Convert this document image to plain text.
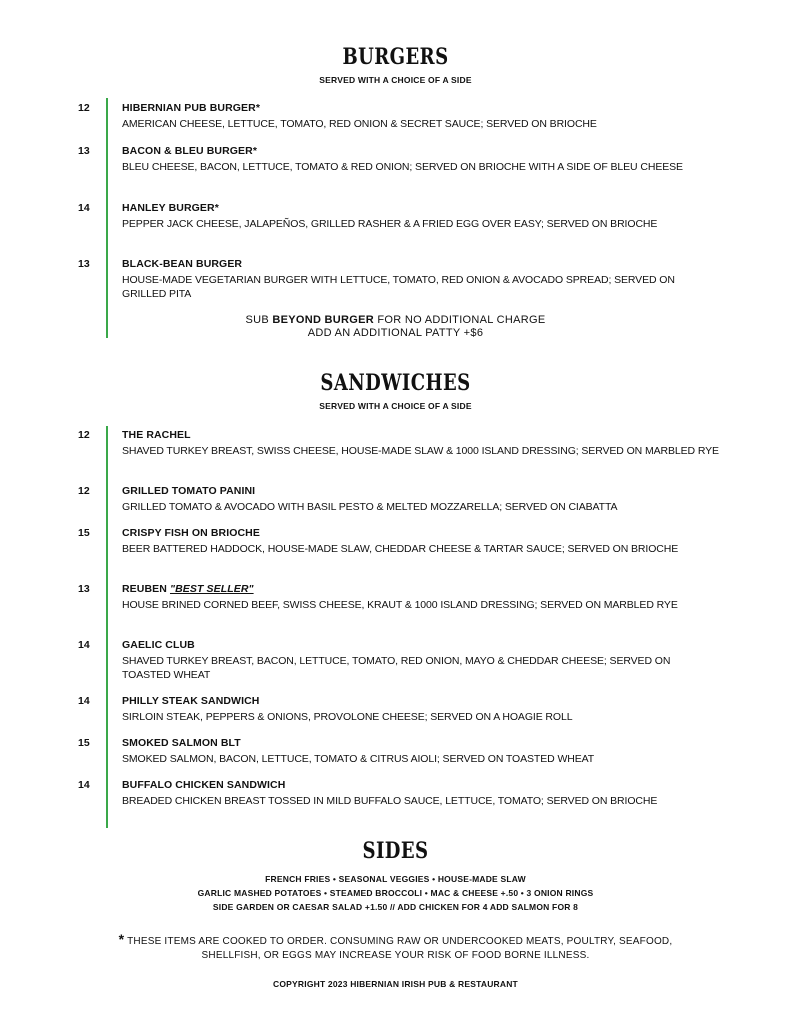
BURGERS
SERVED WITH A CHOICE OF A SIDE
12	HIBERNIAN PUB BURGER*
AMERICAN CHEESE, LETTUCE, TOMATO, RED ONION & SECRET SAUCE; SERVED ON BRIOCHE
13	BACON & BLEU BURGER*
BLEU CHEESE, BACON, LETTUCE, TOMATO & RED ONION; SERVED ON BRIOCHE WITH A SIDE OF BLEU CHEESE
14	HANLEY BURGER*
PEPPER JACK CHEESE, JALAPEÑOS, GRILLED RASHER & A FRIED EGG OVER EASY; SERVED ON BRIOCHE
13	BLACK-BEAN BURGER
HOUSE-MADE VEGETARIAN BURGER WITH LETTUCE, TOMATO, RED ONION & AVOCADO SPREAD; SERVED ON GRILLED PITA
SUB BEYOND BURGER FOR NO ADDITIONAL CHARGE
ADD AN ADDITIONAL PATTY +$6
SANDWICHES
SERVED WITH A CHOICE OF A SIDE
12	THE RACHEL
SHAVED TURKEY BREAST, SWISS CHEESE, HOUSE-MADE SLAW & 1000 ISLAND DRESSING; SERVED ON MARBLED RYE
12	GRILLED TOMATO PANINI
GRILLED TOMATO & AVOCADO WITH BASIL PESTO & MELTED MOZZARELLA; SERVED ON CIABATTA
15	CRISPY FISH ON BRIOCHE
BEER BATTERED HADDOCK, HOUSE-MADE SLAW, CHEDDAR CHEESE & TARTAR SAUCE; SERVED ON BRIOCHE
13	REUBEN "BEST SELLER"
HOUSE BRINED CORNED BEEF, SWISS CHEESE, KRAUT & 1000 ISLAND DRESSING; SERVED ON MARBLED RYE
14	GAELIC CLUB
SHAVED TURKEY BREAST, BACON, LETTUCE, TOMATO, RED ONION, MAYO & CHEDDAR CHEESE; SERVED ON TOASTED WHEAT
14	PHILLY STEAK SANDWICH
SIRLOIN STEAK, PEPPERS & ONIONS, PROVOLONE CHEESE; SERVED ON A HOAGIE ROLL
15	SMOKED SALMON BLT
SMOKED SALMON, BACON, LETTUCE, TOMATO & CITRUS AIOLI; SERVED ON TOASTED WHEAT
14	BUFFALO CHICKEN SANDWICH
BREADED CHICKEN BREAST TOSSED IN MILD BUFFALO SAUCE, LETTUCE, TOMATO; SERVED ON BRIOCHE
SIDES
FRENCH FRIES • SEASONAL VEGGIES • HOUSE-MADE SLAW
GARLIC MASHED POTATOES • STEAMED BROCCOLI • MAC & CHEESE +.50 • 3 ONION RINGS
SIDE GARDEN OR CAESAR SALAD +1.50 // ADD CHICKEN FOR 4 ADD SALMON FOR 8
* THESE ITEMS ARE COOKED TO ORDER. CONSUMING RAW OR UNDERCOOKED MEATS, POULTRY, SEAFOOD,
SHELLFISH, OR EGGS MAY INCREASE YOUR RISK OF FOOD BORNE ILLNESS.
COPYRIGHT 2023 HIBERNIAN IRISH PUB & RESTAURANT
